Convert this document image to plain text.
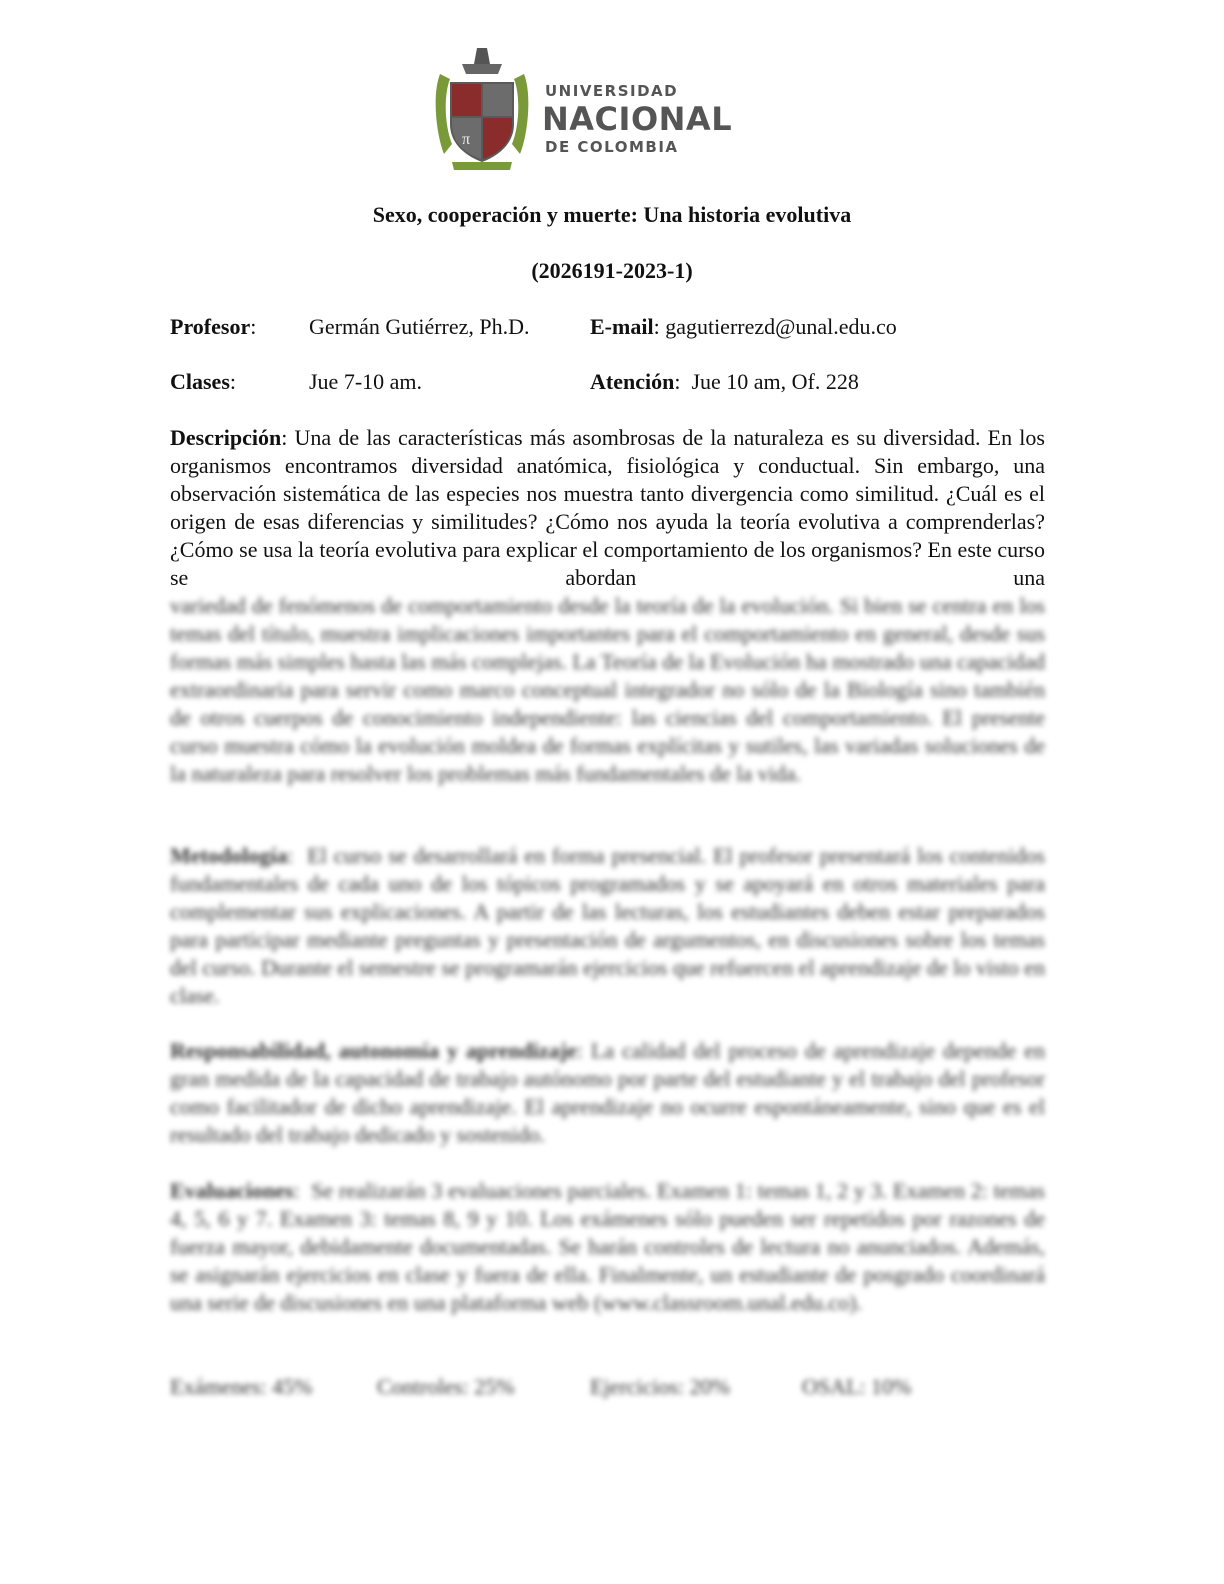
π
UNIVERSIDAD
NACIONAL
DE COLOMBIA
Sexo, cooperación y muerte: Una historia evolutiva
(2026191-2023-1)
Profesor: Germán Gutiérrez, Ph.D.	E-mail: gagutierrezd@unal.edu.co
Clases:	Jue 7-10 am.	Atención:  Jue 10 am, Of. 228
Descripción: Una de las características más asombrosas de la naturaleza es su diversidad. En los organismos encontramos diversidad anatómica, fisiológica y conductual. Sin embargo, una observación sistemática de las especies nos muestra tanto divergencia como similitud. ¿Cuál es el origen de esas diferencias y similitudes? ¿Cómo nos ayuda la teoría evolutiva a comprenderlas? ¿Cómo se usa la teoría evolutiva para explicar el comportamiento de los organismos? En este curso se abordan una
variedad de fenómenos de comportamiento desde la teoría de la evolución. Si bien se centra en los temas del título, muestra implicaciones importantes para el comportamiento en general, desde sus formas más simples hasta las más complejas. La Teoría de la Evolución ha mostrado una capacidad extraordinaria para servir como marco conceptual integrador no sólo de la Biología sino también de otros cuerpos de conocimiento independiente: las ciencias del comportamiento. El presente curso muestra cómo la evolución moldea de formas explícitas y sutiles, las variadas soluciones de la naturaleza para resolver los problemas más fundamentales de la vida.
Metodología:  El curso se desarrollará en forma presencial. El profesor presentará los contenidos fundamentales de cada uno de los tópicos programados y se apoyará en otros materiales para complementar sus explicaciones. A partir de las lecturas, los estudiantes deben estar preparados para participar mediante preguntas y presentación de argumentos, en discusiones sobre los temas del curso. Durante el semestre se programarán ejercicios que refuercen el aprendizaje de lo visto en clase.
Responsabilidad, autonomía y aprendizaje: La calidad del proceso de aprendizaje depende en gran medida de la capacidad de trabajo autónomo por parte del estudiante y el trabajo del profesor como facilitador de dicho aprendizaje. El aprendizaje no ocurre espontáneamente, sino que es el resultado del trabajo dedicado y sostenido.
Evaluaciones:  Se realizarán 3 evaluaciones parciales. Examen 1: temas 1, 2 y 3. Examen 2: temas 4, 5, 6 y 7. Examen 3: temas 8, 9 y 10. Los exámenes sólo pueden ser repetidos por razones de fuerza mayor, debidamente documentadas. Se harán controles de lectura no anunciados. Además, se asignarán ejercicios en clase y fuera de ella. Finalmente, un estudiante de posgrado coordinará una serie de discusiones en una plataforma web (www.classroom.unal.edu.co).
Exámenes: 45%	Controles: 25%	Ejercicios: 20%	OSAL: 10%
